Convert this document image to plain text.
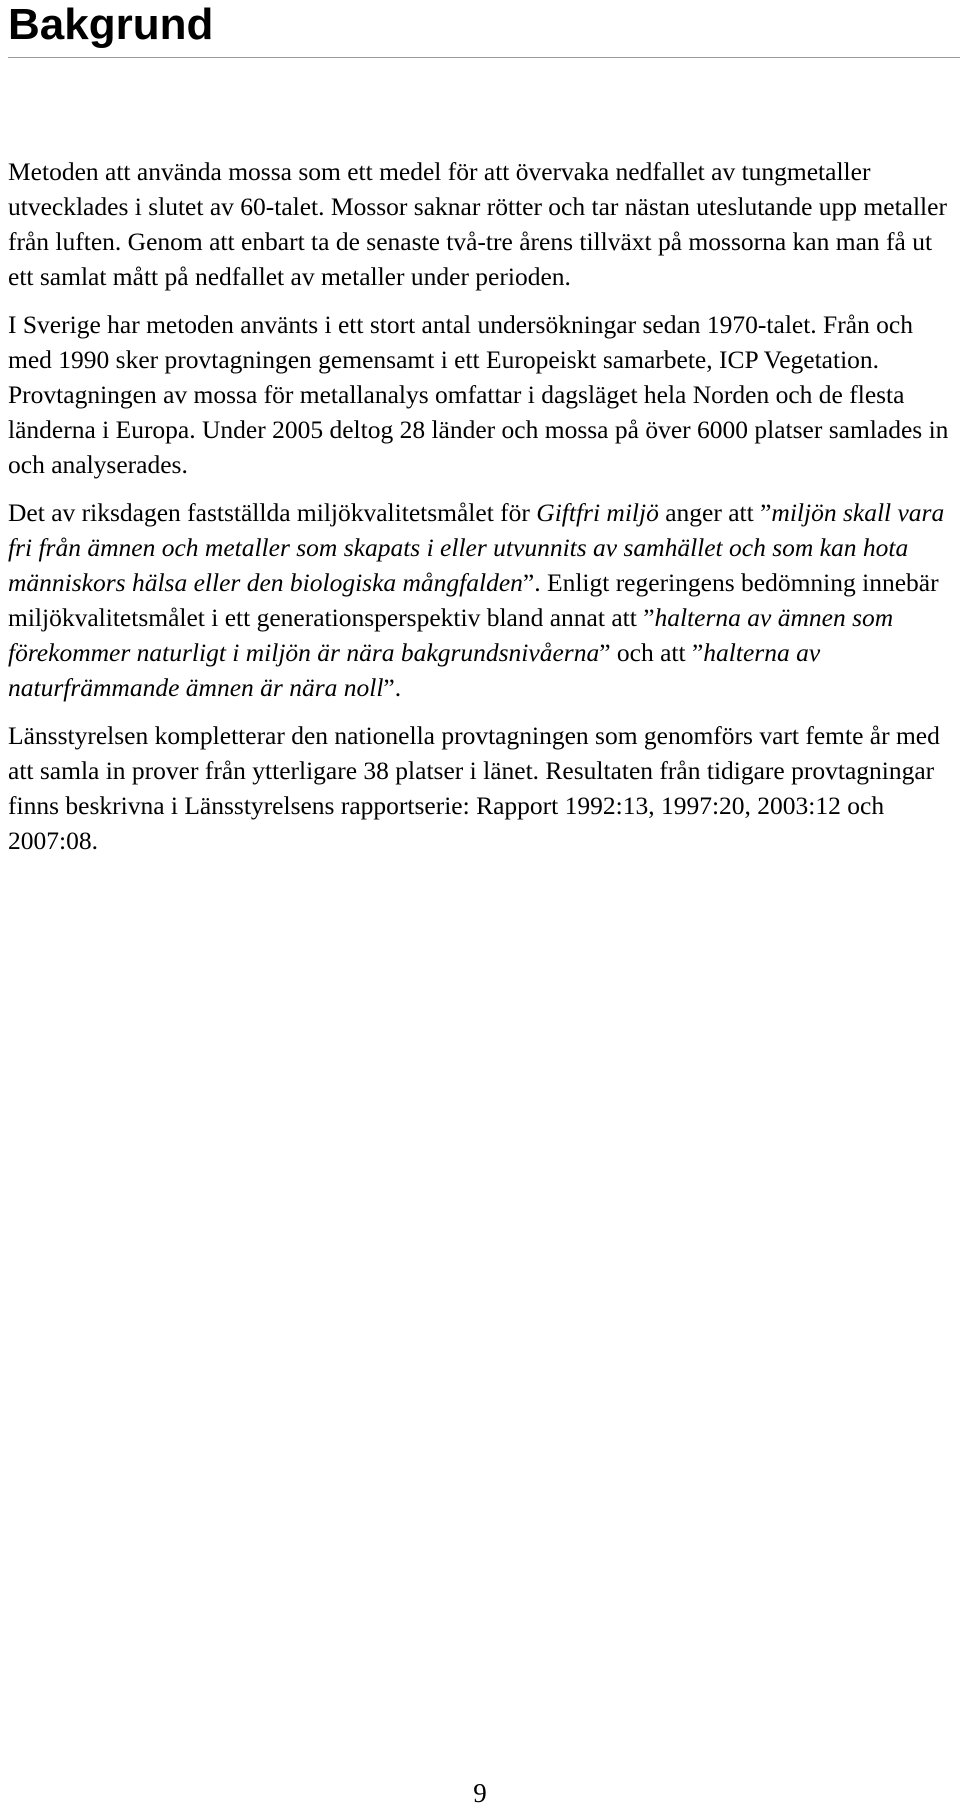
Bakgrund

Metoden att använda mossa som ett medel för att övervaka nedfallet av tungmetaller utvecklades i slutet av 60-talet. Mossor saknar rötter och tar nästan uteslutande upp metaller från luften. Genom att enbart ta de senaste två-tre årens tillväxt på mossorna kan man få ut ett samlat mått på nedfallet av metaller under perioden.

I Sverige har metoden använts i ett stort antal undersökningar sedan 1970-talet. Från och med 1990 sker provtagningen gemensamt i ett Europeiskt samarbete, ICP Vegetation. Provtagningen av mossa för metallanalys omfattar i dagsläget hela Norden och de flesta länderna i Europa. Under 2005 deltog 28 länder och mossa på över 6000 platser samlades in och analyserades.

Det av riksdagen fastställda miljökvalitetsmålet för Giftfri miljö anger att ”miljön skall vara fri från ämnen och metaller som skapats i eller utvunnits av samhället och som kan hota människors hälsa eller den biologiska mångfalden”. Enligt regeringens bedömning innebär miljökvalitetsmålet i ett generationsperspektiv bland annat att ”halterna av ämnen som förekommer naturligt i miljön är nära bakgrundsnivåerna” och att ”halterna av naturfrämmande ämnen är nära noll”.

Länsstyrelsen kompletterar den nationella provtagningen som genomförs vart femte år med att samla in prover från ytterligare 38 platser i länet. Resultaten från tidigare provtagningar finns beskrivna i Länsstyrelsens rapportserie: Rapport 1992:13, 1997:20, 2003:12 och 2007:08.

9
